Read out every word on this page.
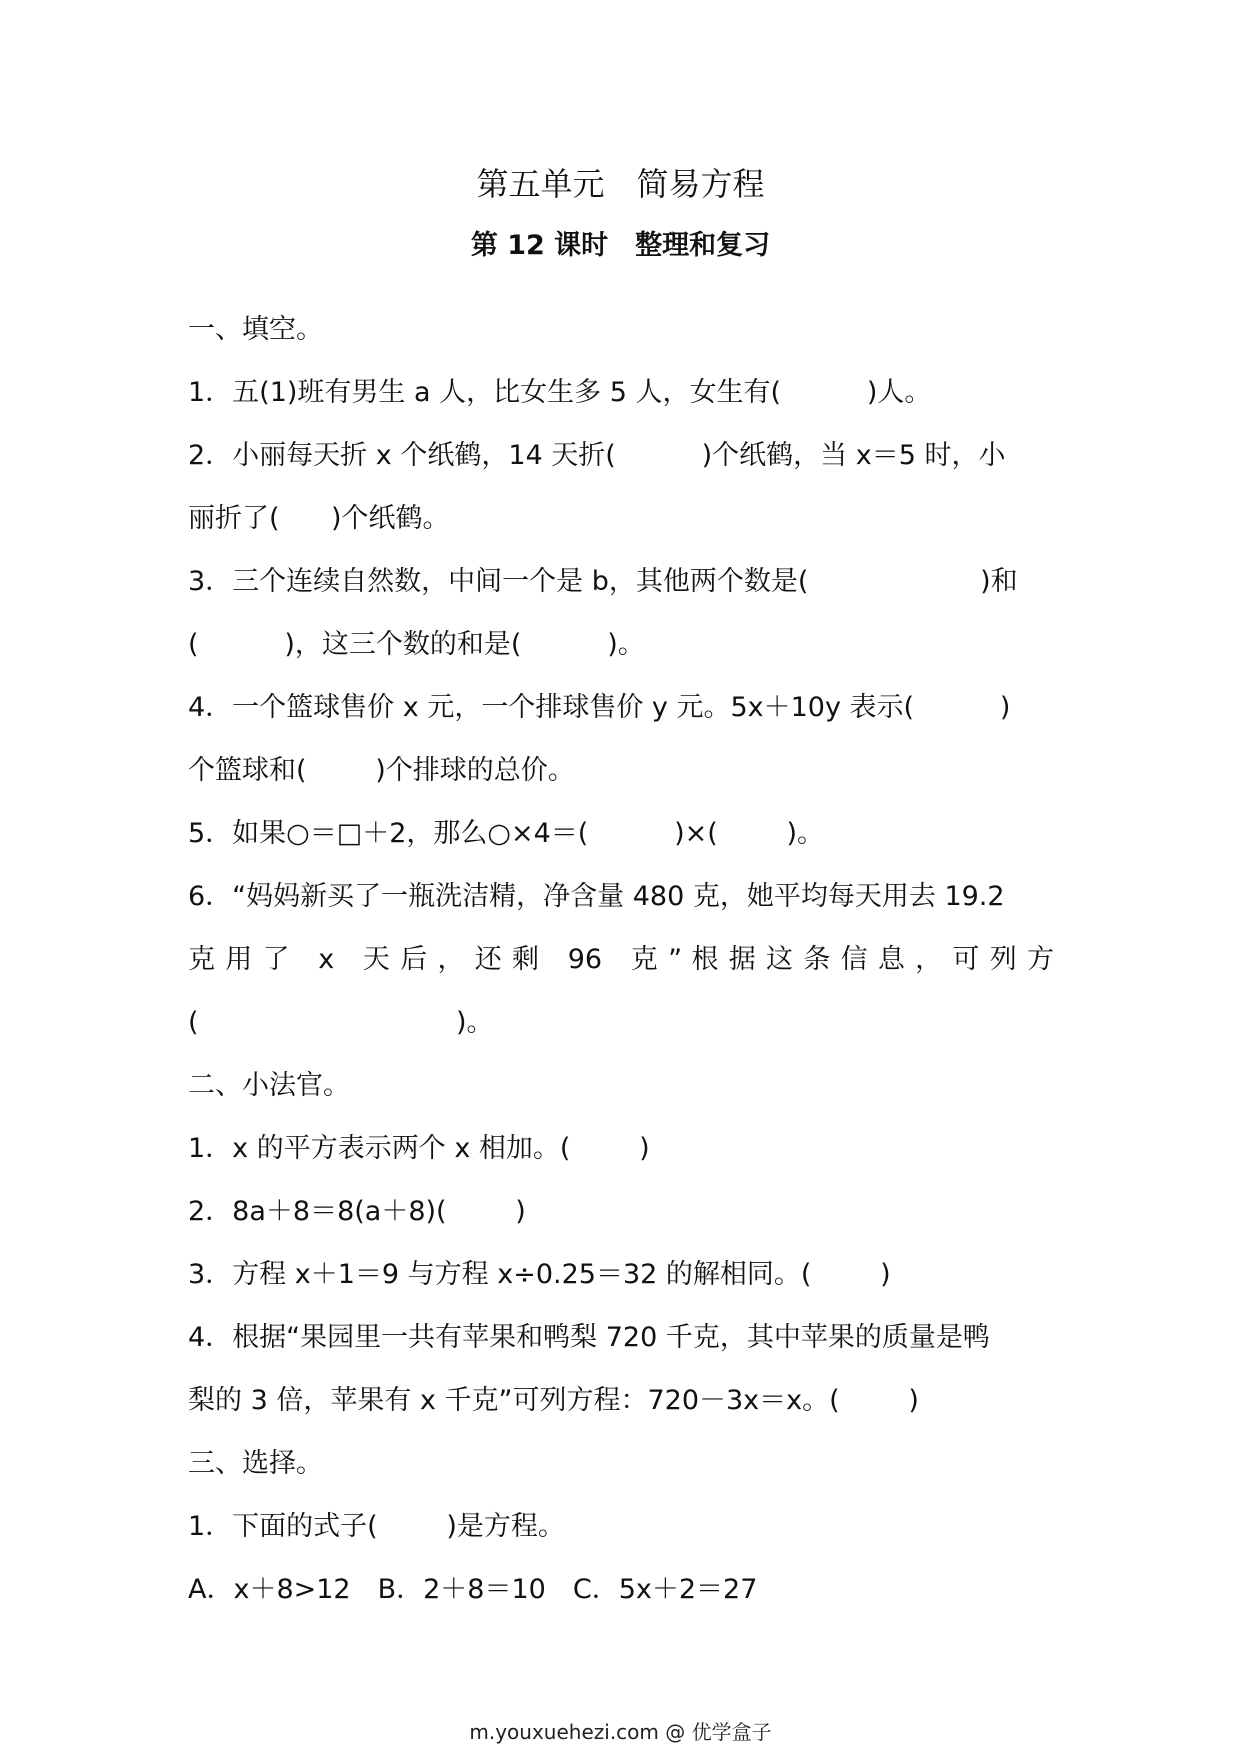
第五单元　简易方程
第 12 课时　整理和复习
一、填空。
1．五(1)班有男生 a 人，比女生多 5 人，女生有(          )人。
2．小丽每天折 x 个纸鹤，14 天折(          )个纸鹤，当 x＝5 时，小
丽折了(      )个纸鹤。
3．三个连续自然数，中间一个是 b，其他两个数是(                    )和
(          )，这三个数的和是(          )。
4．一个篮球售价 x 元，一个排球售价 y 元。5x＋10y 表示(          )
个篮球和(        )个排球的总价。
5．如果○＝□＋2，那么○×4＝(          )×(        )。
6．“妈妈新买了一瓶洗洁精，净含量 480 克，她平均每天用去 19.2
克 用 了　x　天 后 ， 还 剩　96　克 ” 根 据 这 条 信 息 ， 可 列 方
(                              )。
二、小法官。
1．x 的平方表示两个 x 相加。(        )
2．8a＋8＝8(a＋8)(        )
3．方程 x＋1＝9 与方程 x÷0.25＝32 的解相同。(        )
4．根据“果园里一共有苹果和鸭梨 720 千克，其中苹果的质量是鸭
梨的 3 倍，苹果有 x 千克”可列方程：720－3x＝x。(        )
三、选择。
1．下面的式子(        )是方程。
A．x＋8>12　B．2＋8＝10　C．5x＋2＝27
m.youxuehezi.com @ 优学盒子
